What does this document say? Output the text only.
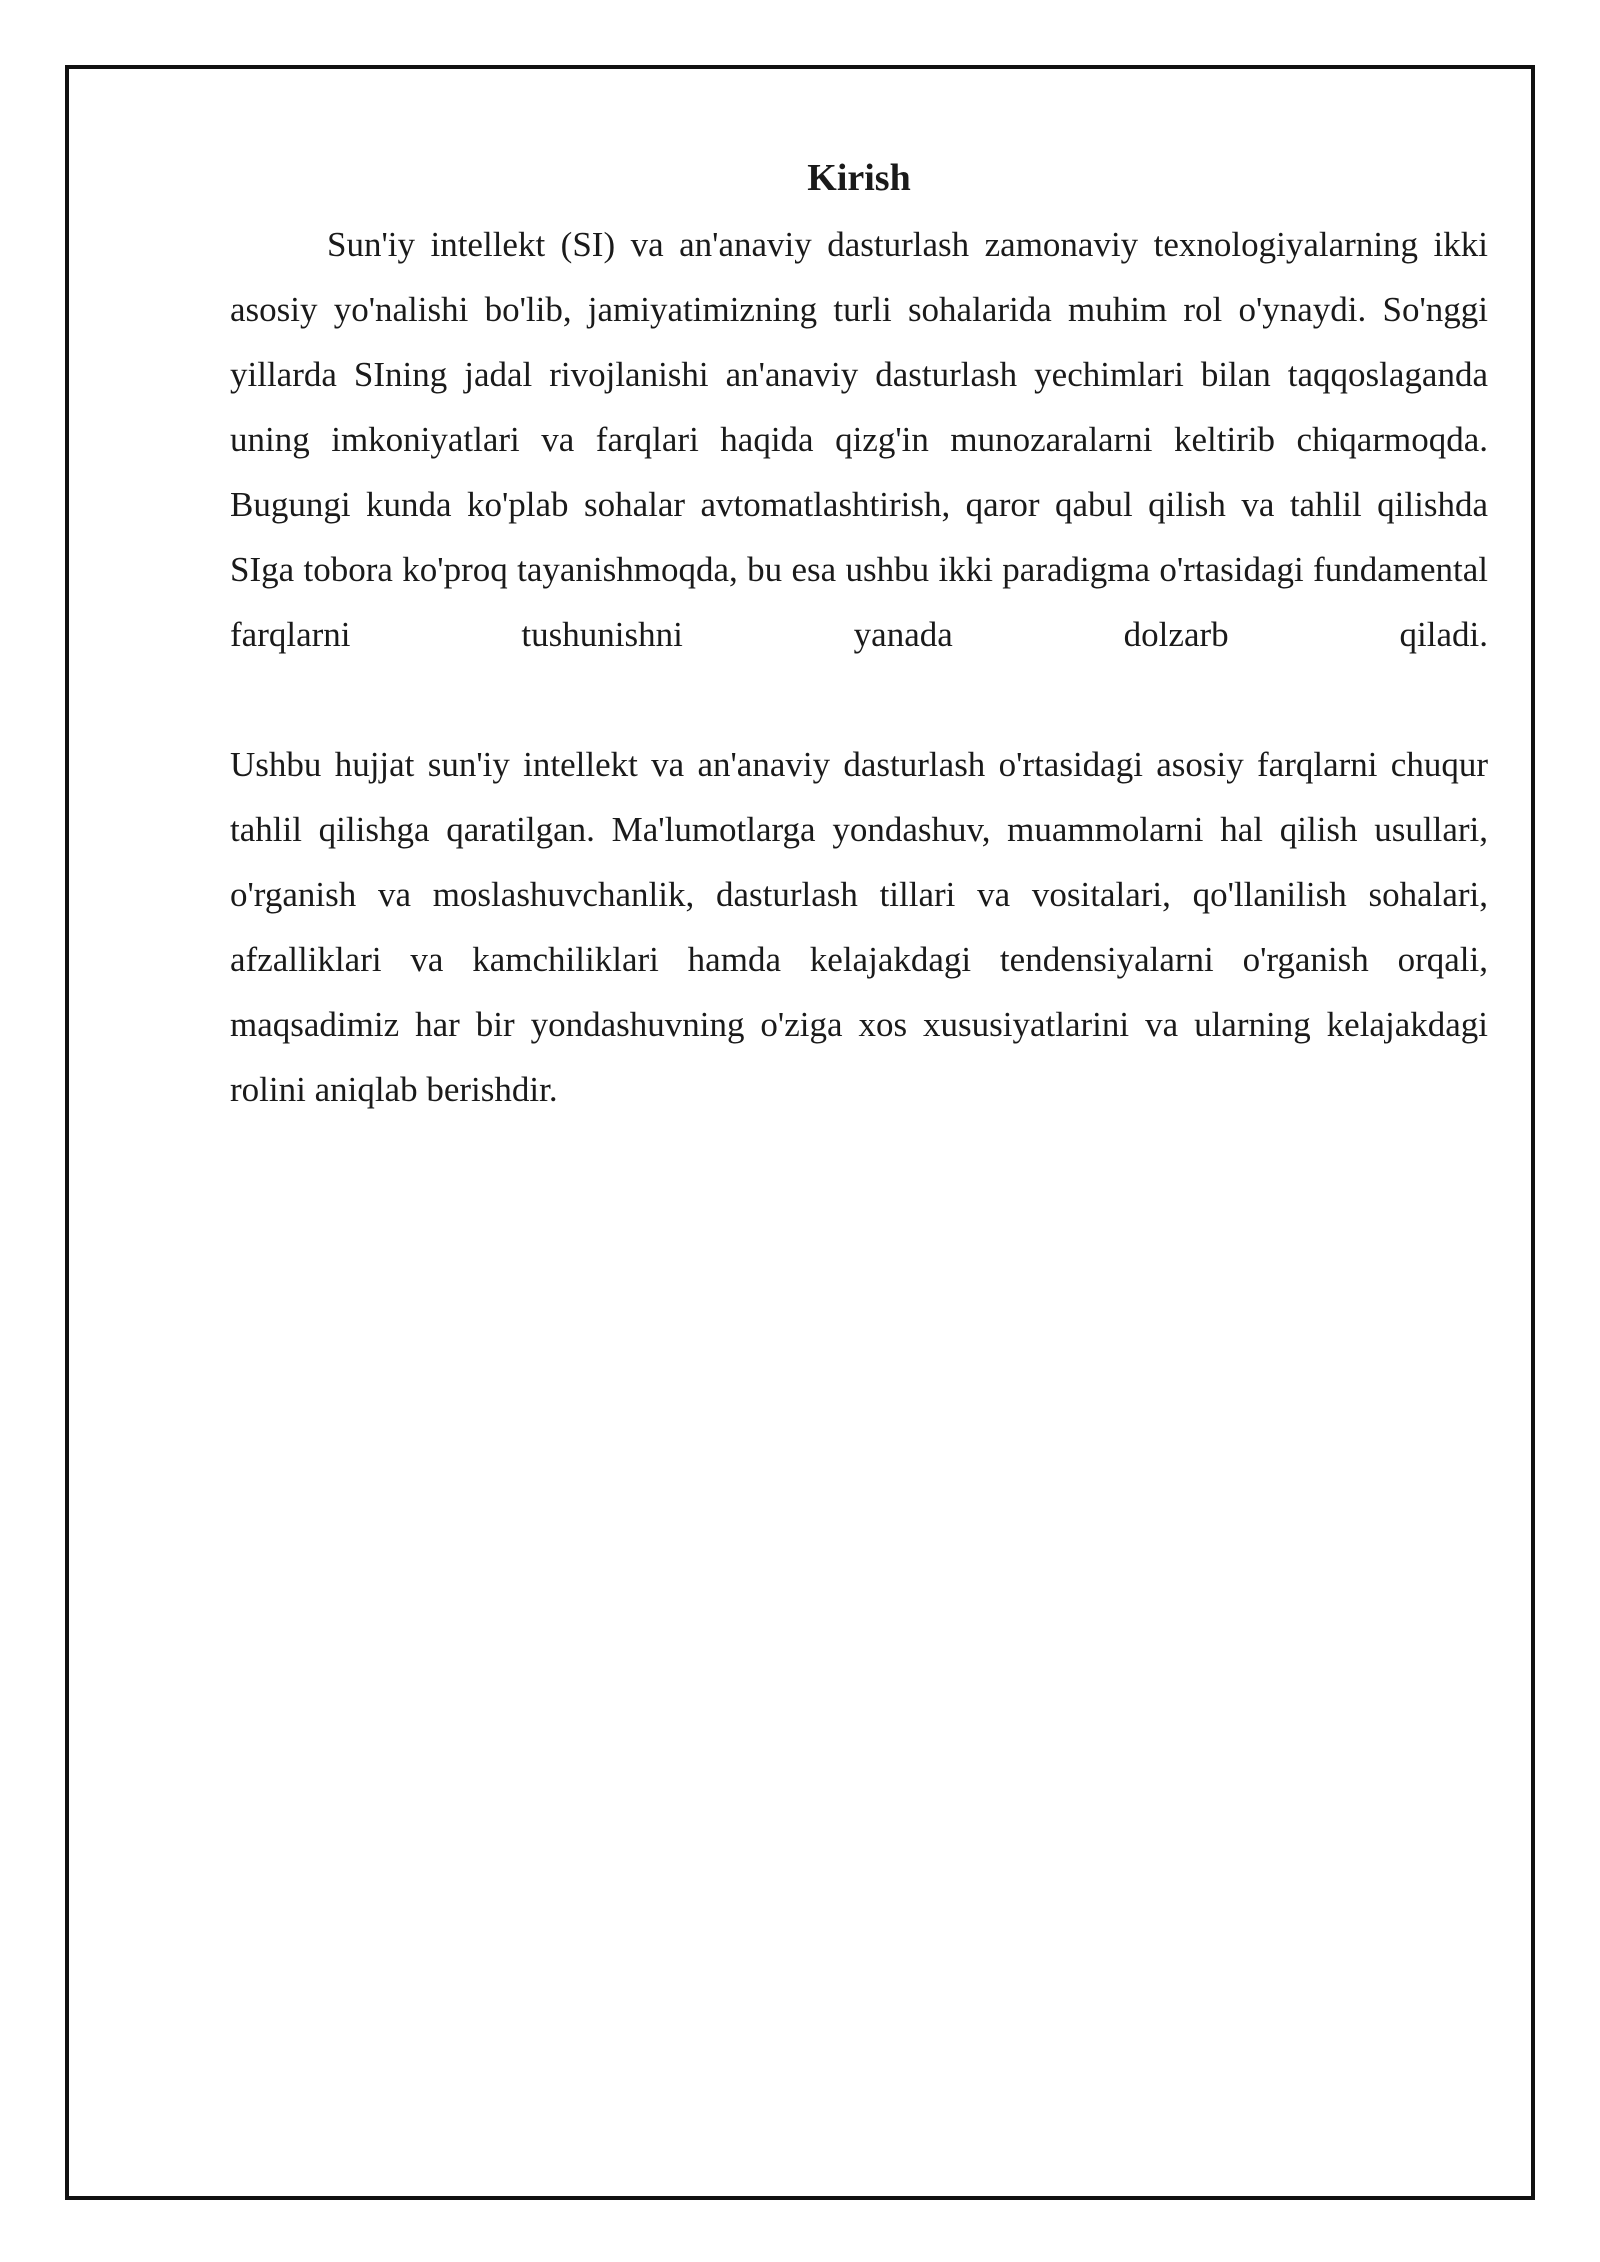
Kirish

Sun'iy intellekt (SI) va an'anaviy dasturlash zamonaviy texnologiyalarning ikki asosiy yo'nalishi bo'lib, jamiyatimizning turli sohalarida muhim rol o'ynaydi. So'nggi yillarda SIning jadal rivojlanishi an'anaviy dasturlash yechimlari bilan taqqoslaganda uning imkoniyatlari va farqlari haqida qizg'in munozaralarni keltirib chiqarmoqda. Bugungi kunda ko'plab sohalar avtomatlashtirish, qaror qabul qilish va tahlil qilishda SIga tobora ko'proq tayanishmoqda, bu esa ushbu ikki paradigma o'rtasidagi fundamental farqlarni tushunishni yanada dolzarb qiladi.

Ushbu hujjat sun'iy intellekt va an'anaviy dasturlash o'rtasidagi asosiy farqlarni chuqur tahlil qilishga qaratilgan. Ma'lumotlarga yondashuv, muammolarni hal qilish usullari, o'rganish va moslashuvchanlik, dasturlash tillari va vositalari, qo'llanilish sohalari, afzalliklari va kamchiliklari hamda kelajakdagi tendensiyalarni o'rganish orqali, maqsadimiz har bir yondashuvning o'ziga xos xususiyatlarini va ularning kelajakdagi rolini aniqlab berishdir.
